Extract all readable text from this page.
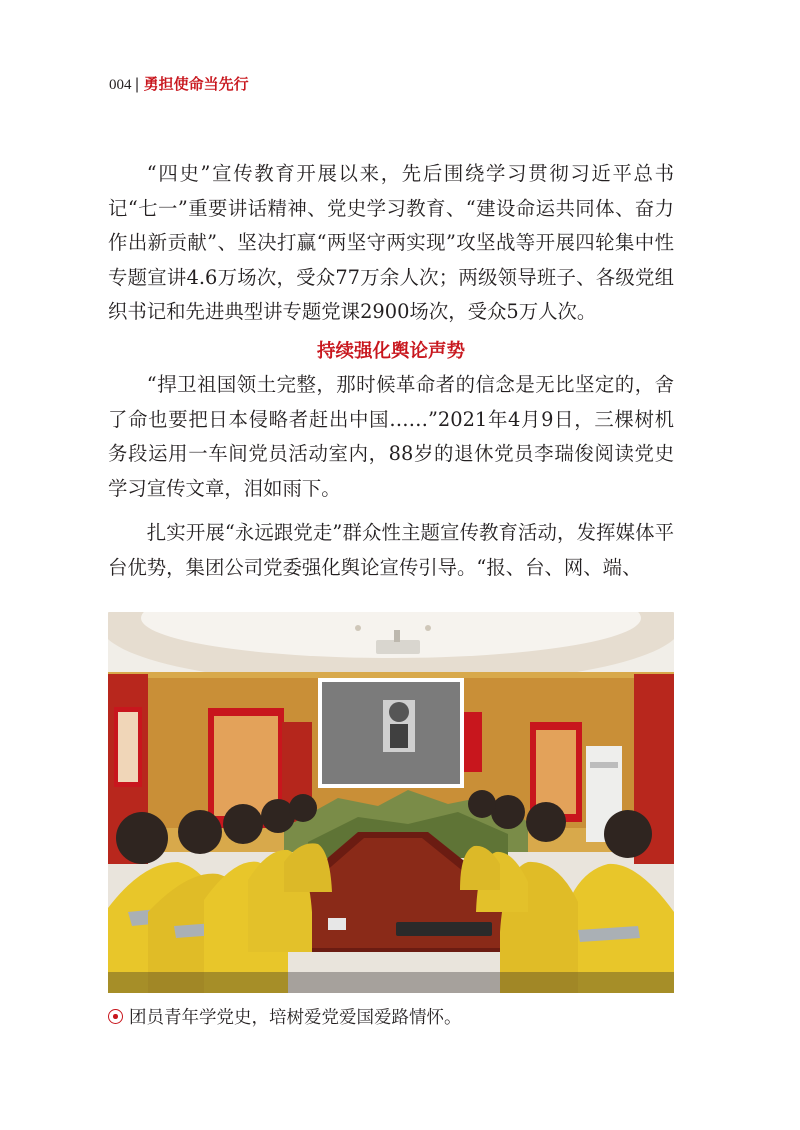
004 | 勇担使命当先行

“四史”宣传教育开展以来，先后围绕学习贯彻习近平总书记“七一”重要讲话精神、党史学习教育、“建设命运共同体、奋力作出新贡献”、坚决打赢“两坚守两实现”攻坚战等开展四轮集中性专题宣讲4.6万场次，受众77万余人次；两级领导班子、各级党组织书记和先进典型讲专题党课2900场次，受众5万人次。

持续强化舆论声势

“捍卫祖国领土完整，那时候革命者的信念是无比坚定的，舍了命也要把日本侵略者赶出中国……”2021年4月9日，三棵树机务段运用一车间党员活动室内，88岁的退休党员李瑞俊阅读党史学习宣传文章，泪如雨下。

扎实开展“永远跟党走”群众性主题宣传教育活动，发挥媒体平台优势，集团公司党委强化舆论宣传引导。“报、台、网、端、

团员青年学党史，培树爱党爱国爱路情怀。
